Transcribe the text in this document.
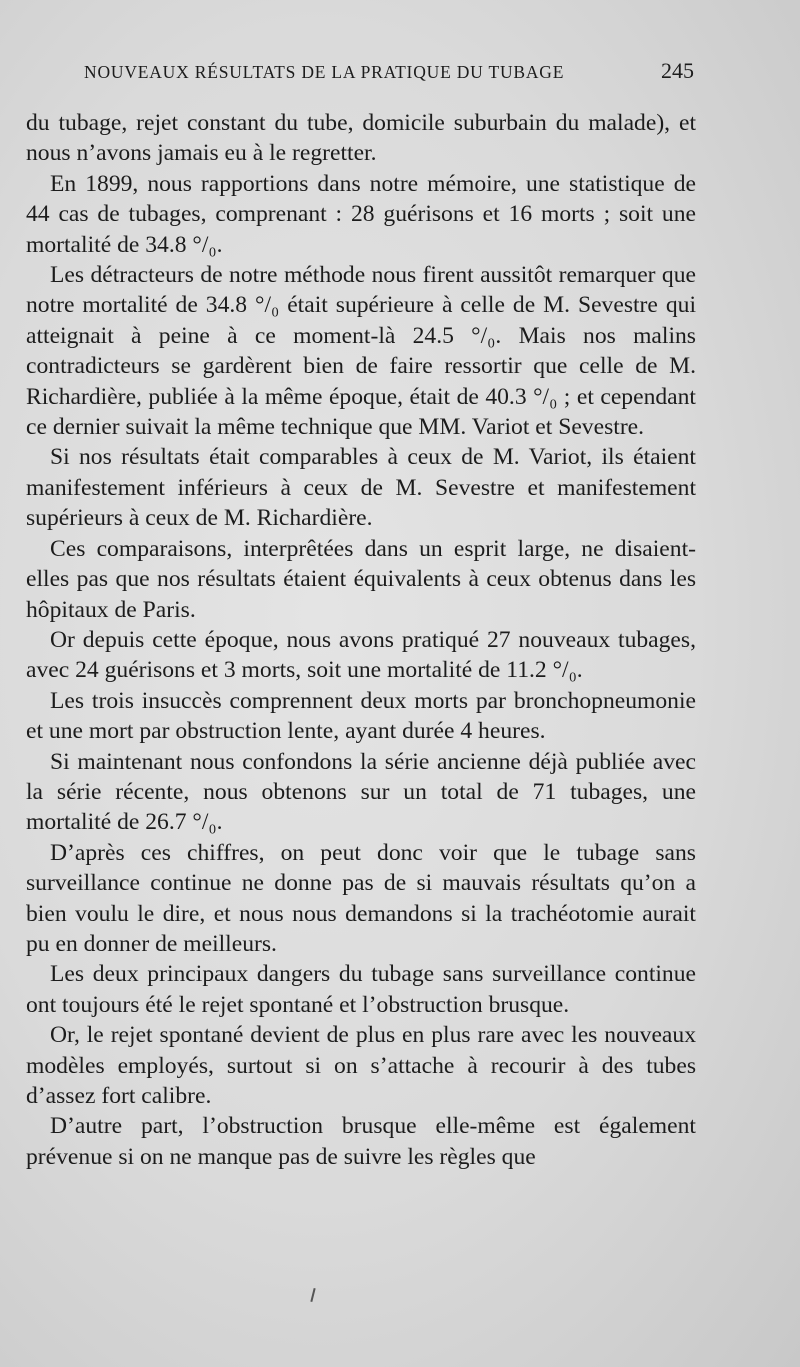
NOUVEAUX RÉSULTATS DE LA PRATIQUE DU TUBAGE	245

du tubage, rejet constant du tube, domicile suburbain du malade), et nous n’avons jamais eu à le regretter.

En 1899, nous rapportions dans notre mémoire, une statistique de 44 cas de tubages, comprenant : 28 guérisons et 16 morts ; soit une mortalité de 34.8 °/₀.

Les détracteurs de notre méthode nous firent aussitôt remarquer que notre mortalité de 34.8 °/₀ était supérieure à celle de M. Sevestre qui atteignait à peine à ce moment-là 24.5 °/₀. Mais nos malins contradicteurs se gardèrent bien de faire ressortir que celle de M. Richardière, publiée à la même époque, était de 40.3 °/₀ ; et cependant ce dernier suivait la même technique que MM. Variot et Sevestre.

Si nos résultats était comparables à ceux de M. Variot, ils étaient manifestement inférieurs à ceux de M. Sevestre et manifestement supérieurs à ceux de M. Richardière.

Ces comparaisons, interprêtées dans un esprit large, ne disaient-elles pas que nos résultats étaient équivalents à ceux obtenus dans les hôpitaux de Paris.

Or depuis cette époque, nous avons pratiqué 27 nouveaux tubages, avec 24 guérisons et 3 morts, soit une mortalité de 11.2 °/₀.

Les trois insuccès comprennent deux morts par bronchopneumonie et une mort par obstruction lente, ayant durée 4 heures.

Si maintenant nous confondons la série ancienne déjà publiée avec la série récente, nous obtenons sur un total de 71 tubages, une mortalité de 26.7 °/₀.

D’après ces chiffres, on peut donc voir que le tubage sans surveillance continue ne donne pas de si mauvais résultats qu’on a bien voulu le dire, et nous nous demandons si la trachéotomie aurait pu en donner de meilleurs.

Les deux principaux dangers du tubage sans surveillance continue ont toujours été le rejet spontané et l’obstruction brusque.

Or, le rejet spontané devient de plus en plus rare avec les nouveaux modèles employés, surtout si on s’attache à recourir à des tubes d’assez fort calibre.

D’autre part, l’obstruction brusque elle-même est également prévenue si on ne manque pas de suivre les règles que
